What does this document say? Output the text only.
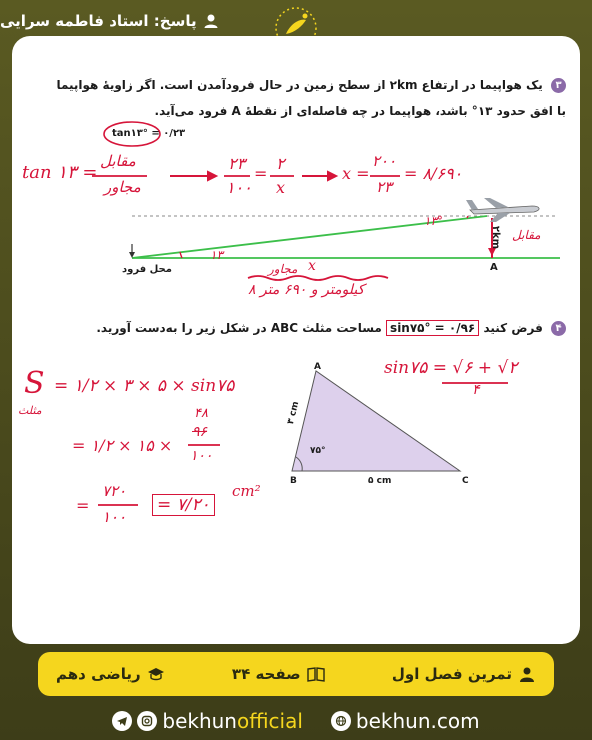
پاسخ: استاد فاطمه سرایی
۳ یک هواپیما در ارتفاع ۲km از سطح زمین در حال فرودآمدن است. اگر زاویهٔ هواپیما
با افق حدود ۱۳° باشد، هواپیما در چه فاصله‌ای از نقطهٔ A فرود می‌آید.
tan۱۳° = ۰/۲۳
tan ۱۳ =
مقابل
مجاور
۲۳
۱۰۰
=
۲
x
x =
۲۰۰
۲۳
= ۸/۶۹۰
۱۳°
۱۳
مقابل
۲km
مجاور x
۸ کیلومتر و ۶۹۰ متر
محل فرود	A
۴ فرض کنید sin۷۵° = ۰/۹۶ مساحت مثلث ABC در شکل زیر را به‌دست آورید.
A
B	C
۳ cm
۵ cm
۷۵°
sin۷۵ = √۶ + √۲
۴
S
مثلث
= ۱/۲ × ۳ × ۵ × sin۷۵
= ۱/۲ × ۱۵ ×
۴۸
۹۶
۱۰۰
=
۷۲۰
۱۰۰
= ۷/۲۰
cm²
تمرین فصل اول
صفحه ۳۴
ریاضی دهم
bekhun official	bekhun.com
